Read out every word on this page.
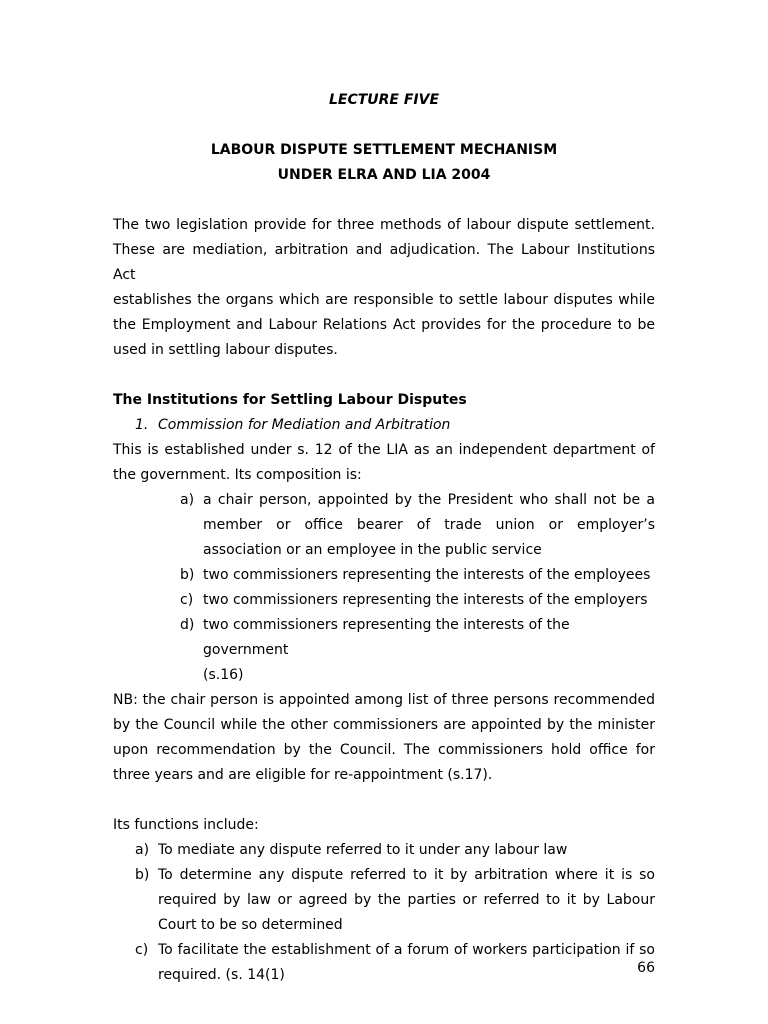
LECTURE FIVE
LABOUR DISPUTE SETTLEMENT MECHANISM
UNDER ELRA AND LIA 2004
The two legislation provide for three methods of labour dispute settlement.
These are mediation, arbitration and adjudication. The Labour Institutions Act
establishes the organs which are responsible to settle labour disputes while
the Employment and Labour Relations Act provides for the procedure to be
used in settling labour disputes.
The Institutions for Settling Labour Disputes
1. Commission for Mediation and Arbitration
This is established under s. 12 of the LIA as an independent department of
the government. Its composition is:
a) a chair person, appointed by the President who shall not be a
member or office bearer of trade union or employer’s
association or an employee in the public service
b) two commissioners representing the interests of the employees
c) two commissioners representing the interests of the employers
d) two commissioners representing the interests of the government
(s.16)
NB: the chair person is appointed among list of three persons recommended
by the Council while the other commissioners are appointed by the minister
upon recommendation by the Council. The commissioners hold office for
three years and are eligible for re-appointment (s.17).
Its functions include:
a) To mediate any dispute referred to it under any labour law
b) To determine any dispute referred to it by arbitration where it is so
required by law or agreed by the parties or referred to it by Labour
Court to be so determined
c) To facilitate the establishment of a forum of workers participation if so
required. (s. 14(1)	66
